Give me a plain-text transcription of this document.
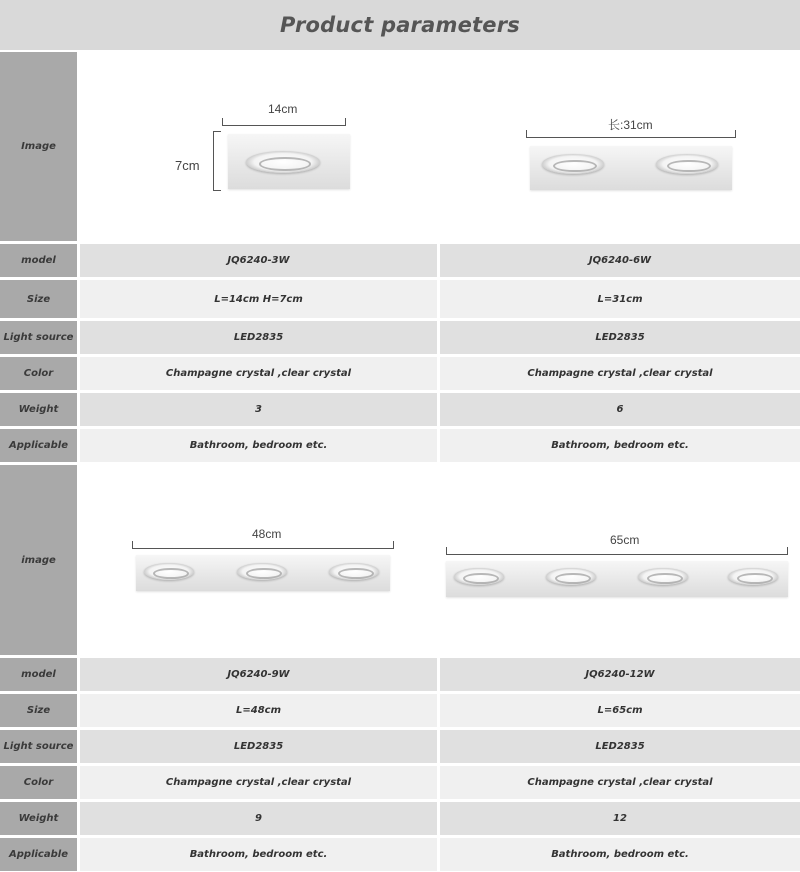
Product parameters
Image
14cm
7cm
长:31cm
model	JQ6240-3W	JQ6240-6W
Size	L=14cm H=7cm	L=31cm
Light source	LED2835	LED2835
Color	Champagne crystal ,clear crystal	Champagne crystal ,clear crystal
Weight	3	6
Applicable	Bathroom, bedroom etc.	Bathroom, bedroom etc.
image
48cm	65cm
model	JQ6240-9W	JQ6240-12W
Size	L=48cm	L=65cm
Light source	LED2835	LED2835
Color	Champagne crystal ,clear crystal	Champagne crystal ,clear crystal
Weight	9	12
Applicable	Bathroom, bedroom etc.	Bathroom, bedroom etc.
